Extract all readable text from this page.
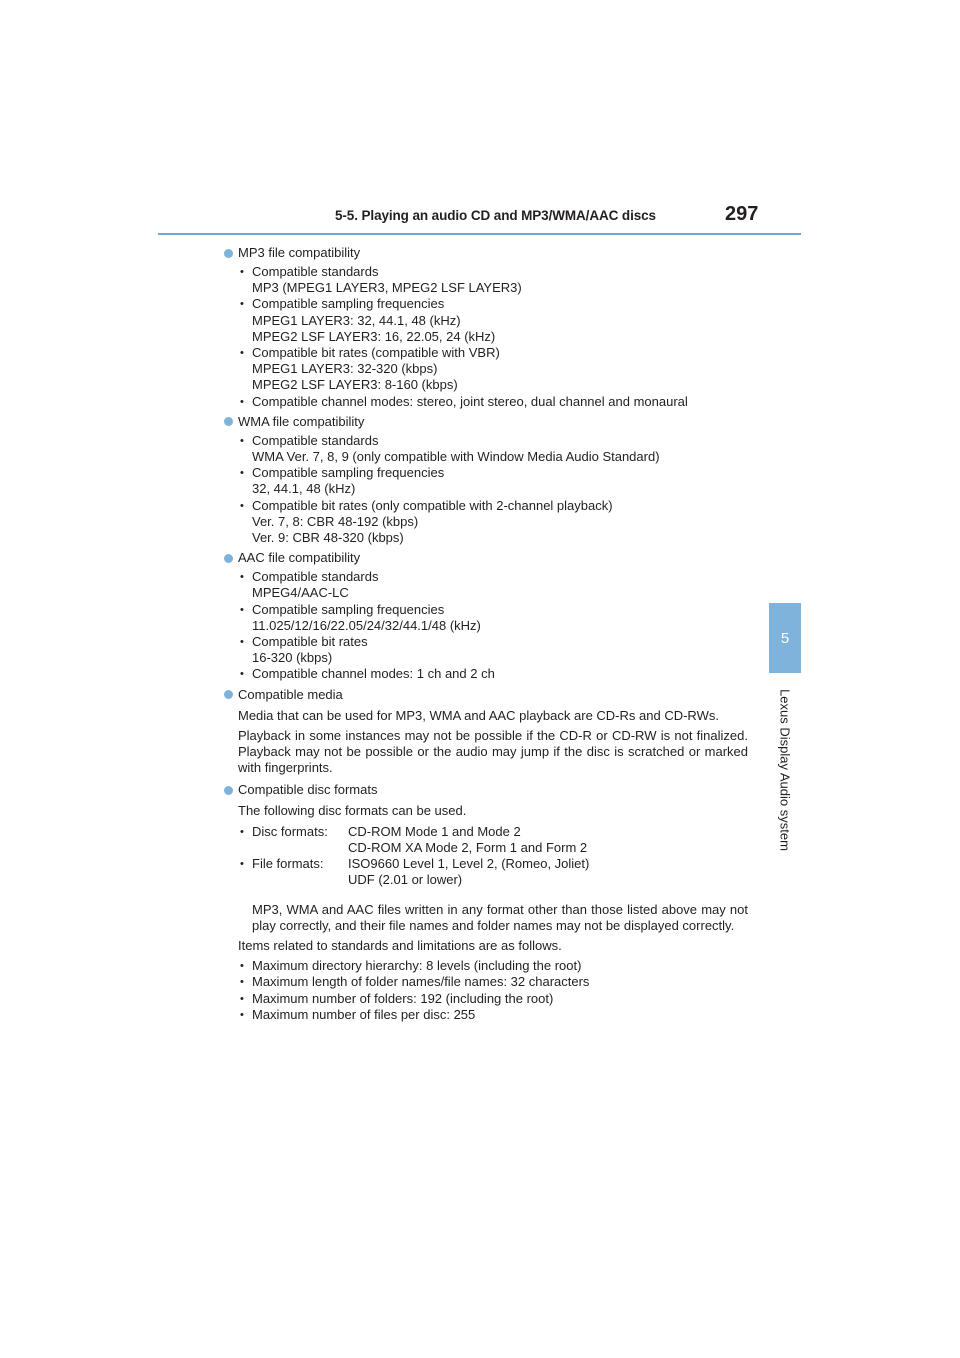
5-5. Playing an audio CD and MP3/WMA/AAC discs	297
5
Lexus Display Audio system
MP3 file compatibility
• Compatible standards
MP3 (MPEG1 LAYER3, MPEG2 LSF LAYER3)
• Compatible sampling frequencies
MPEG1 LAYER3: 32, 44.1, 48 (kHz)
MPEG2 LSF LAYER3: 16, 22.05, 24 (kHz)
• Compatible bit rates (compatible with VBR)
MPEG1 LAYER3: 32-320 (kbps)
MPEG2 LSF LAYER3: 8-160 (kbps)
• Compatible channel modes: stereo, joint stereo, dual channel and monaural
WMA file compatibility
• Compatible standards
WMA Ver. 7, 8, 9 (only compatible with Window Media Audio Standard)
• Compatible sampling frequencies
32, 44.1, 48 (kHz)
• Compatible bit rates (only compatible with 2-channel playback)
Ver. 7, 8: CBR 48-192 (kbps)
Ver. 9: CBR 48-320 (kbps)
AAC file compatibility
• Compatible standards
MPEG4/AAC-LC
• Compatible sampling frequencies
11.025/12/16/22.05/24/32/44.1/48 (kHz)
• Compatible bit rates
16-320 (kbps)
• Compatible channel modes: 1 ch and 2 ch
Compatible media

Media that can be used for MP3, WMA and AAC playback are CD-Rs and CD-RWs.

Playback in some instances may not be possible if the CD-R or CD-RW is not finalized. Playback may not be possible or the audio may jump if the disc is scratched or marked with fingerprints.

Compatible disc formats

The following disc formats can be used.

• Disc formats:	CD-ROM Mode 1 and Mode 2
CD-ROM XA Mode 2, Form 1 and Form 2
• File formats:	ISO9660 Level 1, Level 2, (Romeo, Joliet)
UDF (2.01 or lower)

MP3, WMA and AAC files written in any format other than those listed above may not play correctly, and their file names and folder names may not be displayed correctly.

Items related to standards and limitations are as follows.

• Maximum directory hierarchy: 8 levels (including the root)
• Maximum length of folder names/file names: 32 characters
• Maximum number of folders: 192 (including the root)
• Maximum number of files per disc: 255
